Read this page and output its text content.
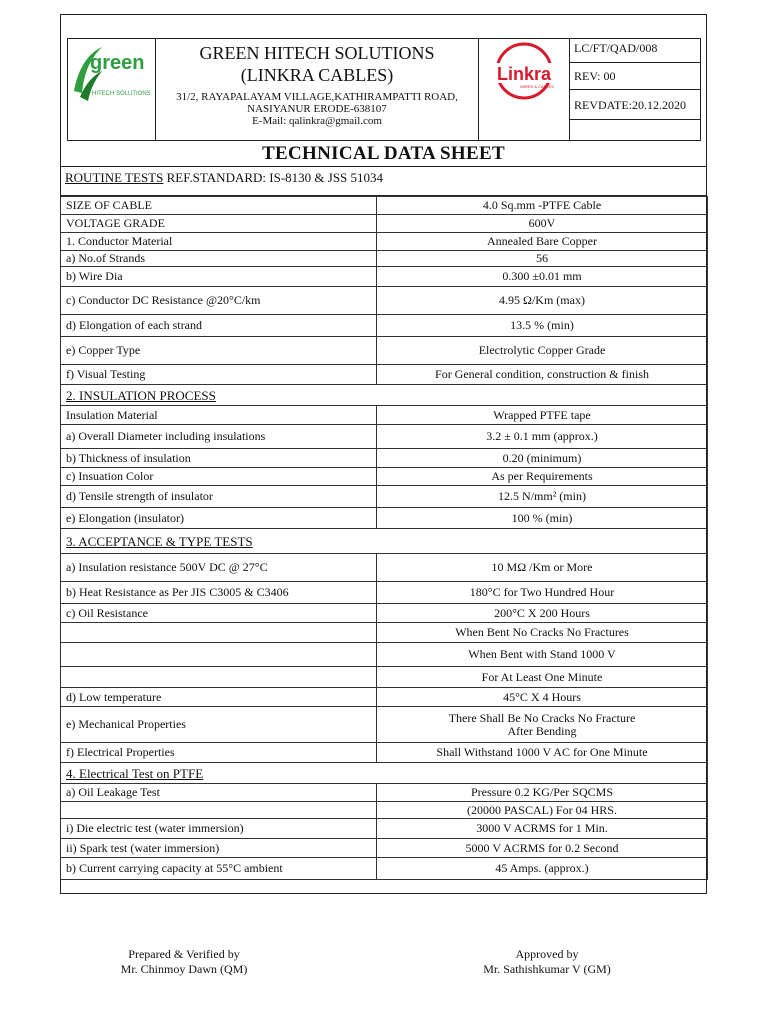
green
HITECH SOLUTIONS
GREEN HITECH SOLUTIONS
(LINKRA CABLES)
31/2, RAYAPALAYAM VILLAGE,KATHIRAMPATTI ROAD,
NASIYANUR ERODE-638107
E-Mail: qalinkra@gmail.com
Linkra
WIRES & CABLES
LC/FT/QAD/008
REV: 00
REVDATE:20.12.2020
TECHNICAL DATA SHEET
ROUTINE TESTS REF.STANDARD: IS-8130 & JSS 51034
SIZE OF CABLE	4.0 Sq.mm -PTFE Cable
VOLTAGE GRADE	600V
1. Conductor Material	Annealed Bare Copper
a) No.of Strands	56
b) Wire Dia	0.300 ±0.01 mm
c) Conductor DC Resistance @20°C/km	4.95 Ω/Km (max)
d) Elongation of each strand	13.5 % (min)
e) Copper Type	Electrolytic Copper Grade
f) Visual Testing	For General condition, construction & finish
2. INSULATION PROCESS	
Insulation Material	Wrapped PTFE tape
a) Overall Diameter including insulations	3.2 ± 0.1 mm (approx.)
b) Thickness of insulation	0.20 (minimum)
c) Insuation Color	As per Requirements
d) Tensile strength of insulator	12.5 N/mm² (min)
e) Elongation (insulator)	100 % (min)
3. ACCEPTANCE & TYPE TESTS	
a) Insulation resistance 500V DC @ 27°C	10 MΩ /Km or More
b) Heat Resistance as Per JIS C3005 & C3406	180°C for Two Hundred Hour
c) Oil Resistance	200°C X 200 Hours
	When Bent No Cracks No Fractures
	When Bent with Stand 1000 V
	For At Least One Minute
d) Low temperature	45°C X 4 Hours
e) Mechanical Properties	There Shall Be No Cracks No Fracture
After Bending

f) Electrical Properties	Shall Withstand 1000 V AC for One Minute
4. Electrical Test on PTFE	
a) Oil Leakage Test	Pressure 0.2 KG/Per SQCMS
	(20000 PASCAL) For 04 HRS.
i) Die electric test (water immersion)	3000 V ACRMS for 1 Min.
ii) Spark test (water immersion)	5000 V ACRMS for 0.2 Second
b) Current carrying capacity at 55°C ambient	45 Amps. (approx.)
Prepared & Verified by
Mr. Chinmoy Dawn (QM)
Approved by
Mr. Sathishkumar V (GM)
